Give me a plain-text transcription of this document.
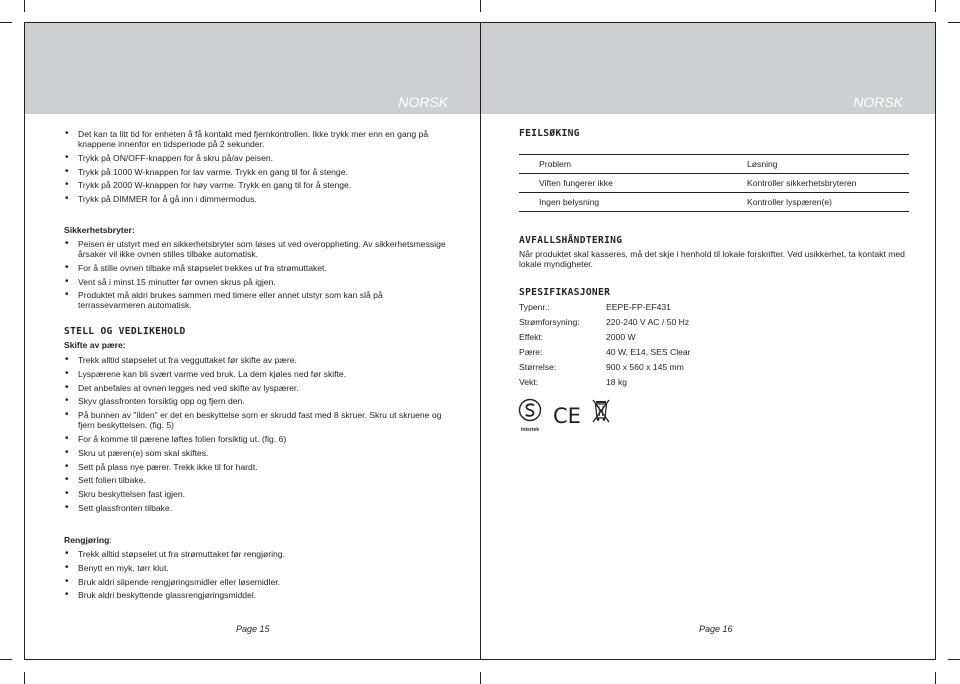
NORSK	NORSK
• Det kan ta litt tid for enheten å få kontakt med fjernkontrollen. Ikke trykk mer enn en gang på knappene innenfor en tidsperiode på 2 sekunder.
• Trykk på ON/OFF-knappen for å skru på/av peisen.
• Trykk på 1000 W-knappen for lav varme. Trykk en gang til for å stenge.
• Trykk på 2000 W-knappen for høy varme. Trykk en gang til for å stenge.
• Trykk på DIMMER for å gå inn i dimmermodus.
Sikkerhetsbryter:
• Peisen er utstyrt med en sikkerhetsbryter som løses ut ved overoppheting. Av sikkerhetsmessige årsaker vil ikke ovnen stilles tilbake automatisk.
• For å stille ovnen tilbake må støpselet trekkes ut fra strømuttaket.
• Vent så i minst 15 minutter før ovnen skrus på igjen.
• Produktet må aldri brukes sammen med timere eller annet utstyr som kan slå på terrassevarmeren automatisk.
STELL OG VEDLIKEHOLD
Skifte av pære:
• Trekk alltid støpselet ut fra vegguttaket før skifte av pære.
• Lyspærene kan bli svært varme ved bruk. La dem kjøles ned før skifte.
• Det anbefales at ovnen legges ned ved skifte av lyspærer.
• Skyv glassfronten forsiktig opp og fjern den.
• På bunnen av "ilden" er det en beskyttelse som er skrudd fast med 8 skruer. Skru ut skruene og fjern beskyttelsen. (fig. 5)
• For å komme til pærene løftes folien forsiktig ut. (fig. 6)
• Skru ut pæren(e) som skal skiftes.
• Sett på plass nye pærer. Trekk ikke til for hardt.
• Sett folien tilbake.
• Skru beskyttelsen fast igjen.
• Sett glassfronten tilbake.
Rengjøring:
• Trekk alltid støpselet ut fra strømuttaket før rengjøring.
• Benytt en myk, tørr klut.
• Bruk aldri slipende rengjøringsmidler eller løsemidler.
• Bruk aldri beskyttende glassrengjøringsmiddel.
Page 15
FEILSØKING
Problem	Løsning
Viften fungerer ikke	Kontroller sikkerhetsbryteren
Ingen belysning	Kontroller lyspæren(e)
AVFALLSHÅNDTERING
Når produktet skal kasseres, må det skje i henhold til lokale forskrifter. Ved usikkerhet, ta kontakt med lokale myndigheter.
SPESIFIKASJONER
Typenr.:	EEPE-FP-EF431
Strømforsyning:	220-240 V AC / 50 Hz
Effekt:	2000 W
Pære:	40 W, E14, SES Clear
Størrelse:	900 x 560 x 145 mm
Vekt:	18 kg
Intertek
CE
Page 16
